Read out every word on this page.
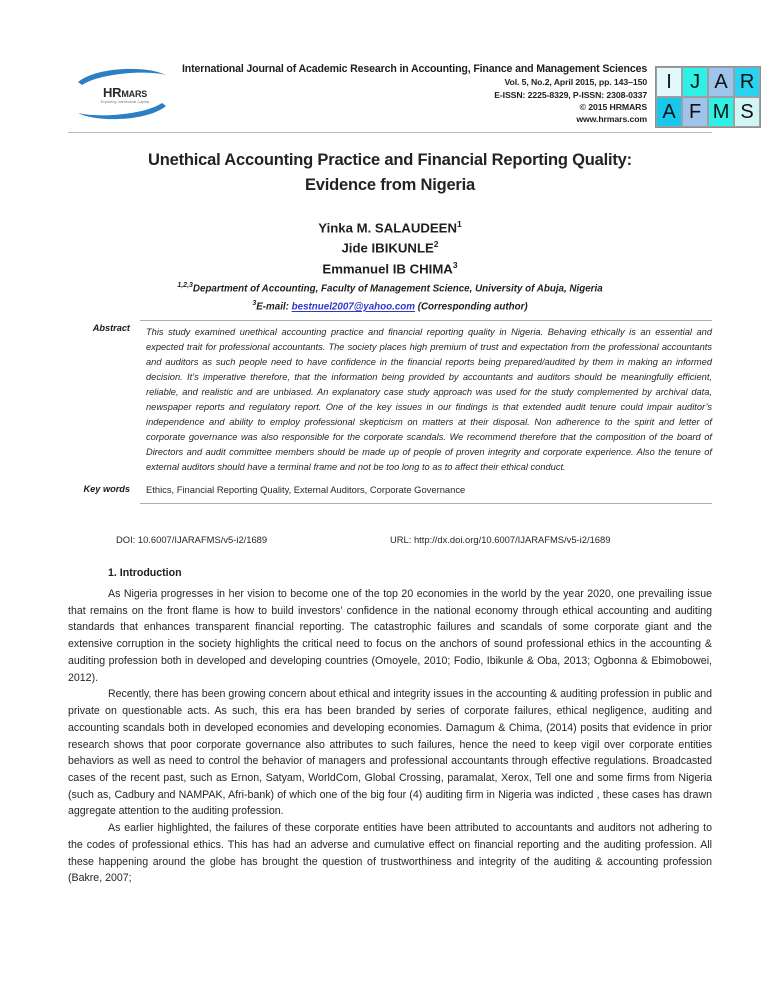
HRMARS
Exploring Intellectual Capital
International Journal of Academic Research in Accounting, Finance and Management Sciences
Vol. 5, No.2, April 2015, pp. 143–150
E-ISSN: 2225-8329, P-ISSN: 2308-0337
© 2015 HRMARS
www.hrmars.com
I J A R
A F M S
Unethical Accounting Practice and Financial Reporting Quality:
Evidence from Nigeria
Yinka M. SALAUDEEN$^1$
Jide IBIKUNLE$^2$
Emmanuel IB CHIMA$^3$
$^{1,2,3}$Department of Accounting, Faculty of Management Science, University of Abuja, Nigeria
$^3$E-mail: bestnuel2007@yahoo.com (Corresponding author)
Abstract	This study examined unethical accounting practice and financial reporting quality in Nigeria. Behaving ethically is an essential and expected trait for professional accountants. The society places high premium of trust and expectation from the professional accountants and auditors as such people need to have confidence in the financial reports being prepared/audited by them in making an informed decision. It’s imperative therefore, that the information being provided by accountants and auditors should be meaningfully efficient, reliable, and realistic and are unbiased. An explanatory case study approach was used for the study complemented by archival data, newspaper reports and regulatory report. One of the key issues in our findings is that extended audit tenure could impair auditor’s independence and ability to employ professional skepticism on matters at their disposal. Non adherence to the spirit and letter of corporate governance was also responsible for the corporate scandals. We recommend therefore that the composition of the board of Directors and audit committee members should be made up of people of proven integrity and corporate experience. Also the tenure of external auditors should have a terminal frame and not be too long to as to affect their ethical conduct.
Key words	Ethics, Financial Reporting Quality, External Auditors, Corporate Governance
DOI: 10.6007/IJARAFMS/v5-i2/1689	URL: http://dx.doi.org/10.6007/IJARAFMS/v5-i2/1689
1. Introduction

As Nigeria progresses in her vision to become one of the top 20 economies in the world by the year 2020, one prevailing issue that remains on the front flame is how to build investors’ confidence in the national economy through ethical accounting and auditing standards that enhances transparent financial reporting. The catastrophic failures and scandals of some corporate giant and the extensive corruption in the society highlights the critical need to focus on the anchors of sound professional ethics in the accounting & auditing profession both in developed and developing countries (Omoyele, 2010; Fodio, Ibikunle & Oba, 2013; Ogbonna & Ebimobowei, 2012).

Recently, there has been growing concern about ethical and integrity issues in the accounting & auditing profession in public and private on questionable acts. As such, this era has been branded by series of corporate failures, ethical negligence, auditing and accounting scandals both in developed economies and developing economies. Damagum & Chima, (2014) posits that evidence in prior research shows that poor corporate governance also attributes to such failures, hence the need to keep vigil over corporate entities behaviors as well as need to control the behavior of managers and professional accountants through effective regulations. Broadcasted cases of the recent past, such as Ernon, Satyam, WorldCom, Global Crossing, paramalat, Xerox, Tell one and some firms from Nigeria (such as, Cadbury and NAMPAK, Afri-bank) of which one of the big four (4) auditing firm in Nigeria was indicted , these cases has drawn aggregate attention to the auditing profession.

As earlier highlighted, the failures of these corporate entities have been attributed to accountants and auditors not adhering to the codes of professional ethics. This has had an adverse and cumulative effect on financial reporting and the auditing profession. All these happening around the globe has brought the question of trustworthiness and integrity of the auditing & accounting profession (Bakre, 2007;
